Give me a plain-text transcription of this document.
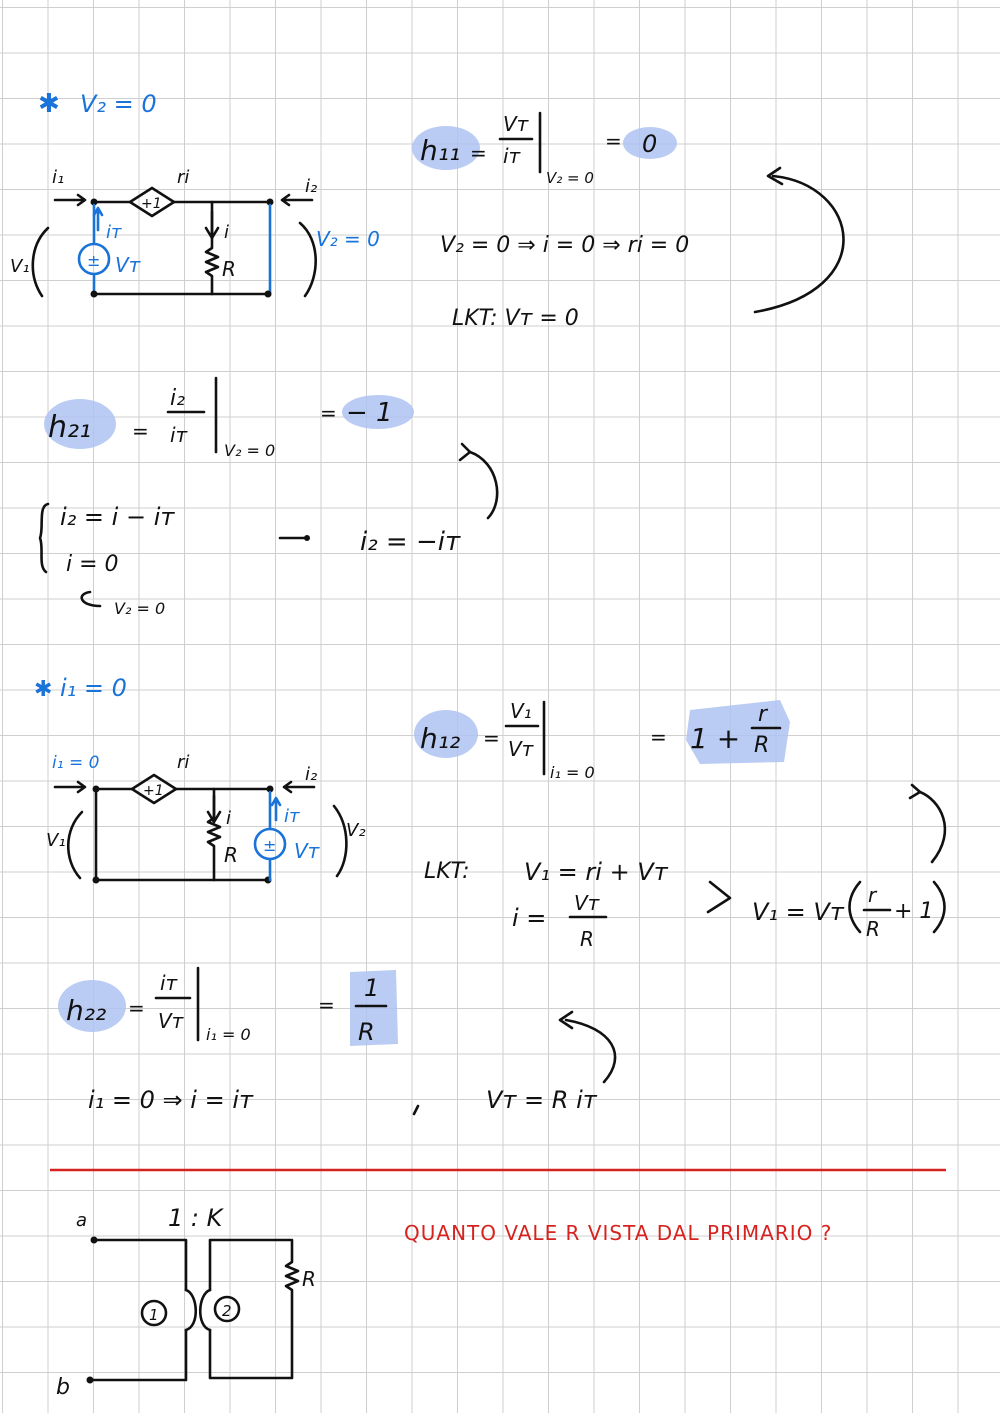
✱ V₂ = 0
i₁
+1
ri
±
iᴛ
Vᴛ
i
R
i₂
V₁
V₂ = 0
h₁₁ =
Vᴛ
iᴛ
V₂ = 0
= 0
V₂ = 0 ⇒ i = 0 ⇒ ri = 0
LKT: Vᴛ = 0
h₂₁ =
i₂
iᴛ
V₂ = 0
= − 1
i₂ = i − iᴛ
i = 0
V₂ = 0
i₂ = −iᴛ
✱ i₁ = 0
i₁ = 0
+1
ri
i
R ±
iᴛ
Vᴛ
i₂
V₁	V₂
h₁₂ =
V₁
Vᴛ
i₁ = 0
= 1 +
r
R
LKT: V₁ = ri + Vᴛ
i =
Vᴛ
R
V₁ = Vᴛ
r
R
+ 1
h₂₂ =
iᴛ
Vᴛ
i₁ = 0
=
1
R
i₁ = 0 ⇒ i = iᴛ	Vᴛ = R iᴛ
a
b
1 : K
R
1	2
QUANTO VALE R VISTA DAL PRIMARIO ?
